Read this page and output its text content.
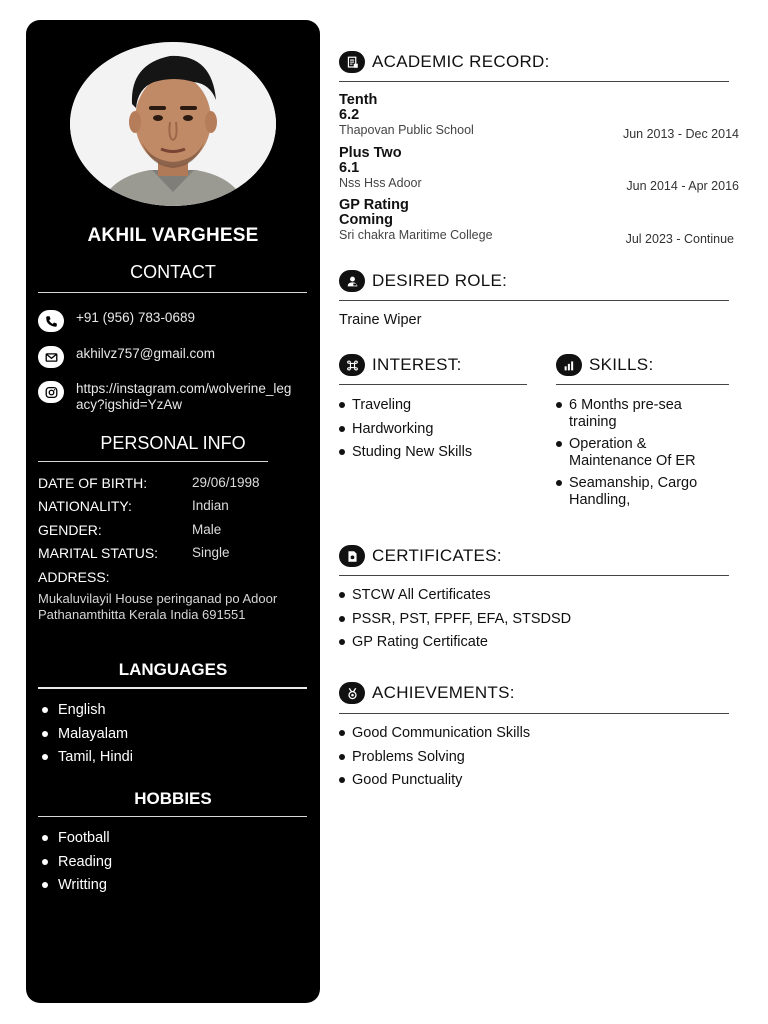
AKHIL VARGHESE
CONTACT
+91 (956) 783-0689
akhilvz757@gmail.com
https://instagram.com/wolverine_legacy?igshid=YzAw
PERSONAL INFO
DATE OF BIRTH:	29/06/1998
NATIONALITY:	Indian
GENDER:	Male
MARITAL STATUS:	Single
ADDRESS:
Mukaluvilayil House peringanad po Adoor Pathanamthitta Kerala India 691551
LANGUAGES
English
Malayalam
Tamil, Hindi
HOBBIES
Football
Reading
Writting
ACADEMIC RECORD:
Tenth
6.2
Thapovan Public School	Jun 2013 - Dec 2014
Plus Two
6.1
Nss Hss Adoor	Jun 2014 - Apr 2016
GP Rating
Coming
Sri chakra Maritime College	Jul 2023 - Continue
DESIRED ROLE:
Traine Wiper
INTEREST:
Traveling
Hardworking
Studing New Skills
SKILLS:
6 Months pre-sea training
Operation & Maintenance Of ER
Seamanship, Cargo Handling,
CERTIFICATES:
STCW All Certificates
PSSR, PST, FPFF, EFA, STSDSD
GP Rating Certificate
ACHIEVEMENTS:
Good Communication Skills
Problems Solving
Good Punctuality
